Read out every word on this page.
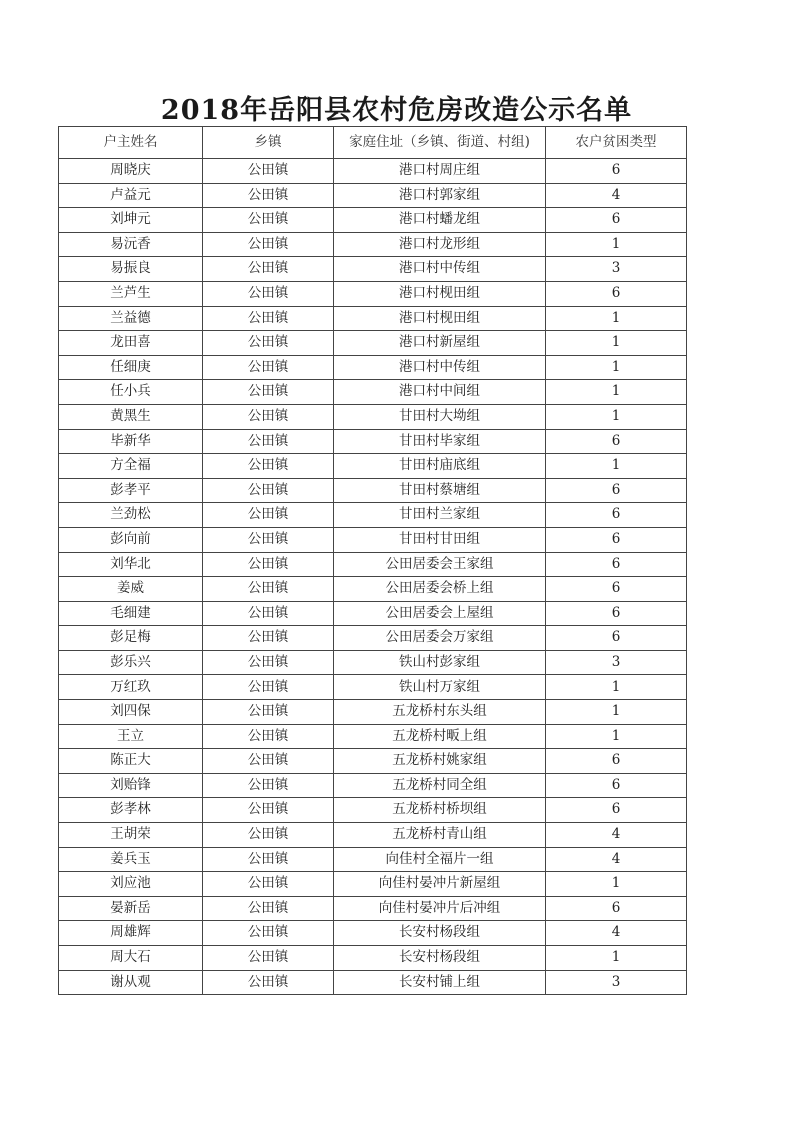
2018年岳阳县农村危房改造公示名单
户主姓名	乡镇	家庭住址（乡镇、街道、村组)	农户贫困类型
周晓庆	公田镇	港口村周庄组	6
卢益元	公田镇	港口村郭家组	4
刘坤元	公田镇	港口村蟠龙组	6
易沅香	公田镇	港口村龙形组	1
易振良	公田镇	港口村中传组	3
兰芦生	公田镇	港口村枧田组	6
兰益德	公田镇	港口村枧田组	1
龙田喜	公田镇	港口村新屋组	1
任细庚	公田镇	港口村中传组	1
任小兵	公田镇	港口村中间组	1
黄黑生	公田镇	甘田村大坳组	1
毕新华	公田镇	甘田村毕家组	6
方全福	公田镇	甘田村庙底组	1
彭孝平	公田镇	甘田村蔡塘组	6
兰劲松	公田镇	甘田村兰家组	6
彭向前	公田镇	甘田村甘田组	6
刘华北	公田镇	公田居委会王家组	6
姜威	公田镇	公田居委会桥上组	6
毛细建	公田镇	公田居委会上屋组	6
彭足梅	公田镇	公田居委会万家组	6
彭乐兴	公田镇	铁山村彭家组	3
万红玖	公田镇	铁山村万家组	1
刘四保	公田镇	五龙桥村东头组	1
王立	公田镇	五龙桥村畈上组	1
陈正大	公田镇	五龙桥村姚家组	6
刘贻锋	公田镇	五龙桥村同全组	6
彭孝林	公田镇	五龙桥村桥坝组	6
王胡荣	公田镇	五龙桥村青山组	4
姜兵玉	公田镇	向佳村全福片一组	4
刘应池	公田镇	向佳村晏冲片新屋组	1
晏新岳	公田镇	向佳村晏冲片后冲组	6
周雄辉	公田镇	长安村杨段组	4
周大石	公田镇	长安村杨段组	1
谢从观	公田镇	长安村铺上组	3
